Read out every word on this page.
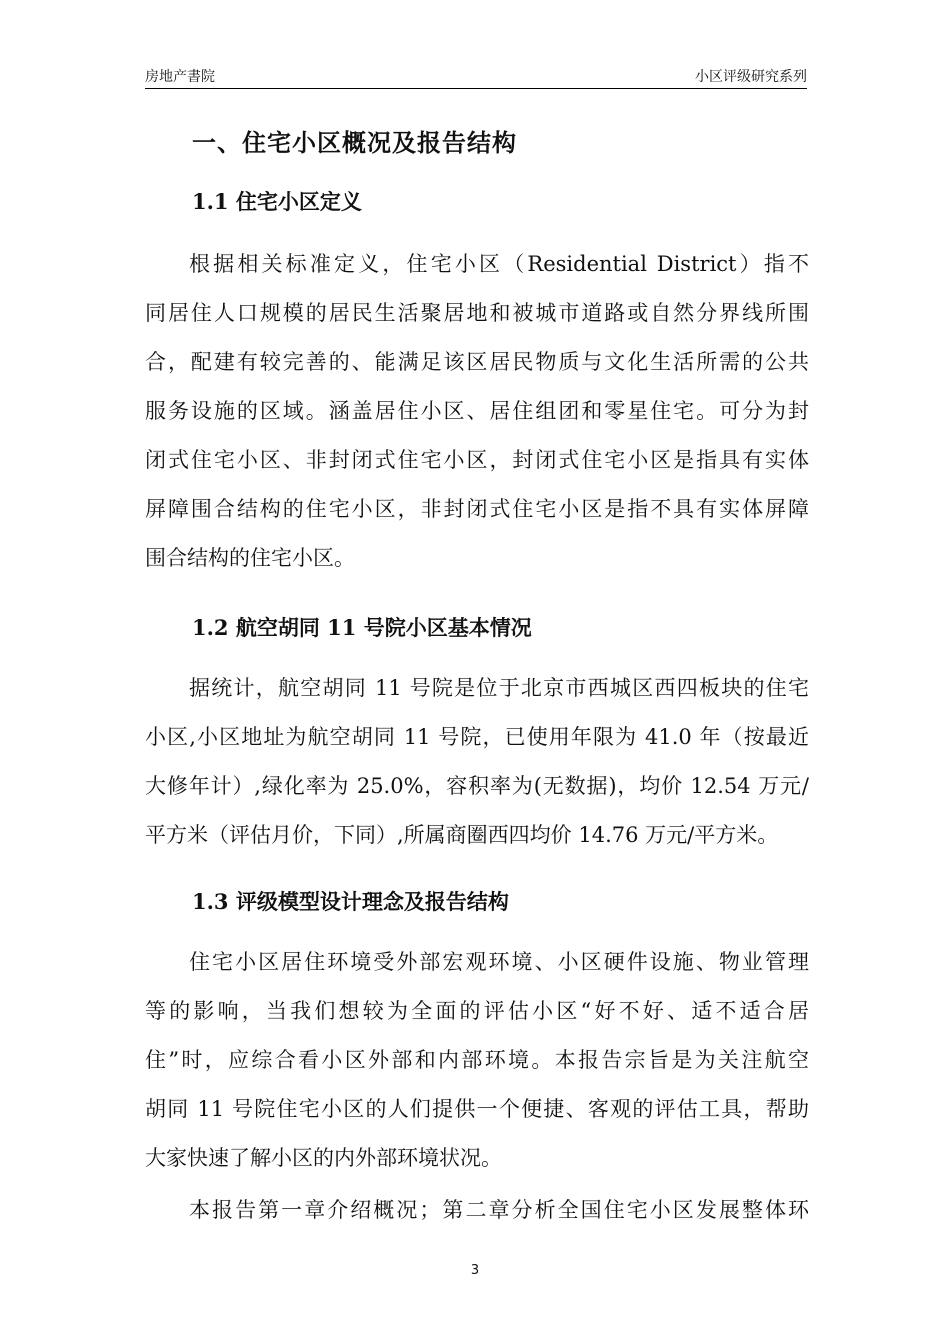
房地产書院	小区评级研究系列
一、住宅小区概况及报告结构
1.1 住宅小区定义
根据相关标准定义，住宅小区（Residential District）指不
同居住人口规模的居民生活聚居地和被城市道路或自然分界线所围
合，配建有较完善的、能满足该区居民物质与文化生活所需的公共
服务设施的区域。涵盖居住小区、居住组团和零星住宅。可分为封
闭式住宅小区、非封闭式住宅小区，封闭式住宅小区是指具有实体
屏障围合结构的住宅小区，非封闭式住宅小区是指不具有实体屏障
围合结构的住宅小区。
1.2 航空胡同 11 号院小区基本情况
据统计，航空胡同 11 号院是位于北京市西城区西四板块的住宅
小区,小区地址为航空胡同 11 号院，已使用年限为 41.0 年（按最近
大修年计）,绿化率为 25.0%，容积率为(无数据)，均价 12.54 万元/
平方米（评估月价，下同）,所属商圈西四均价 14.76 万元/平方米。
1.3 评级模型设计理念及报告结构
住宅小区居住环境受外部宏观环境、小区硬件设施、物业管理
等的影响，当我们想较为全面的评估小区“好不好、适不适合居
住”时，应综合看小区外部和内部环境。本报告宗旨是为关注航空
胡同 11 号院住宅小区的人们提供一个便捷、客观的评估工具，帮助
大家快速了解小区的内外部环境状况。
本报告第一章介绍概况；第二章分析全国住宅小区发展整体环
3
